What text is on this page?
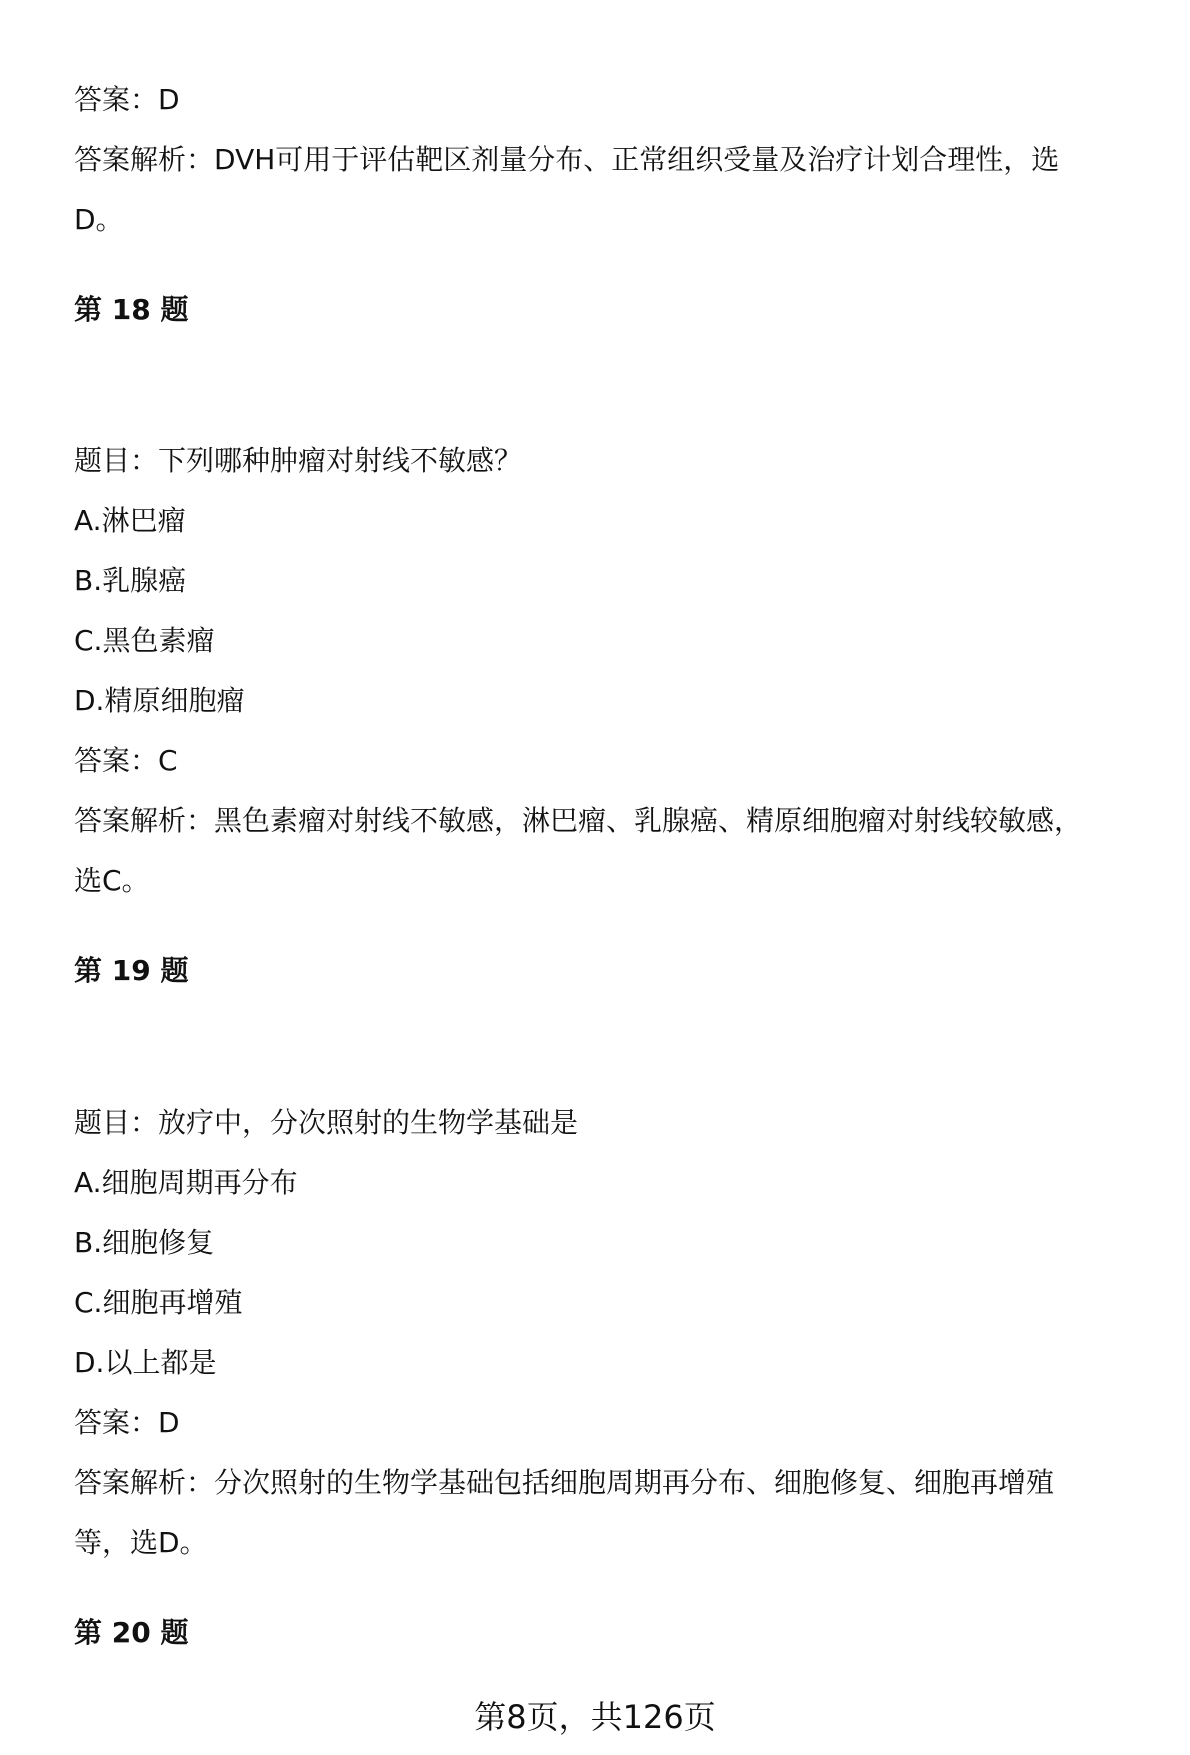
答案：D
答案解析：DVH可用于评估靶区剂量分布、正常组织受量及治疗计划合理性，选
D。
第 18 题
题目：下列哪种肿瘤对射线不敏感？
A.淋巴瘤
B.乳腺癌
C.黑色素瘤
D.精原细胞瘤
答案：C
答案解析：黑色素瘤对射线不敏感，淋巴瘤、乳腺癌、精原细胞瘤对射线较敏感，
选C。
第 19 题
题目：放疗中，分次照射的生物学基础是
A.细胞周期再分布
B.细胞修复
C.细胞再增殖
D.以上都是
答案：D
答案解析：分次照射的生物学基础包括细胞周期再分布、细胞修复、细胞再增殖
等，选D。
第 20 题
第8页，共126页
